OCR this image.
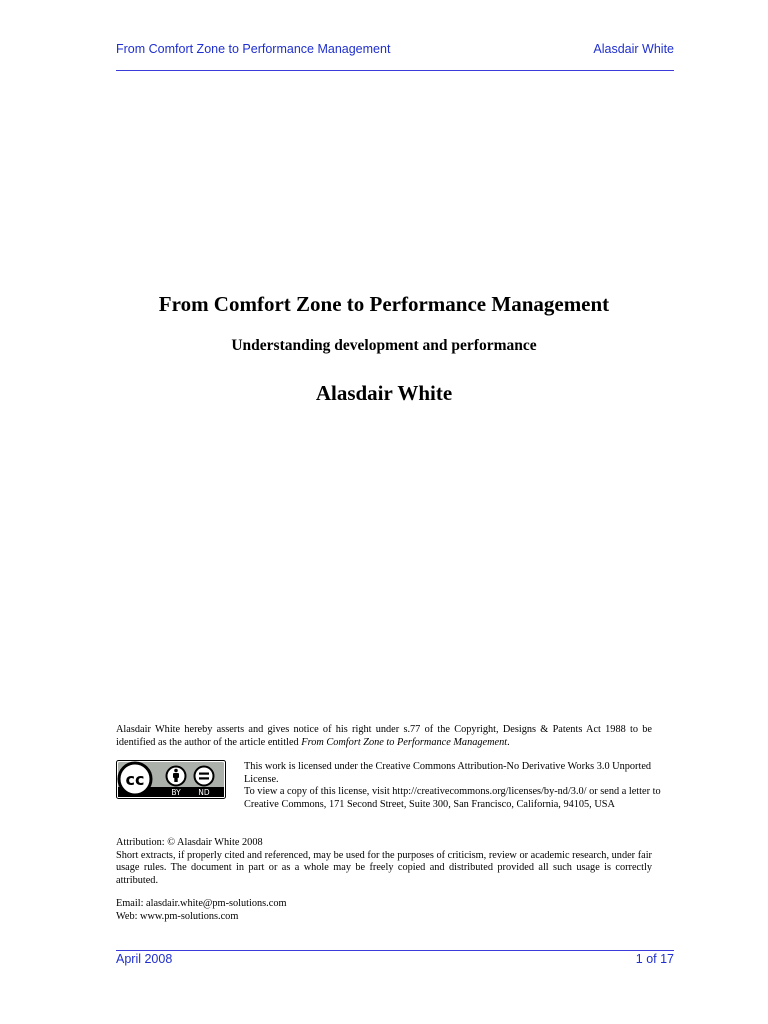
From Comfort Zone to Performance Management	Alasdair White
From Comfort Zone to Performance Management
Understanding development and performance
Alasdair White
Alasdair White hereby asserts and gives notice of his right under s.77 of the Copyright, Designs & Patents Act 1988 to be identified as the author of the article entitled From Comfort Zone to Performance Management.
cc
BY ND
This work is licensed under the Creative Commons Attribution-No Derivative Works 3.0 Unported License.
To view a copy of this license, visit http://creativecommons.org/licenses/by-nd/3.0/ or send a letter to Creative Commons, 171 Second Street, Suite 300, San Francisco, California, 94105, USA
Attribution: © Alasdair White 2008
Short extracts, if properly cited and referenced, may be used for the purposes of criticism, review or academic research, under fair usage rules. The document in part or as a whole may be freely copied and distributed provided all such usage is correctly attributed.
Email: alasdair.white@pm-solutions.com
Web: www.pm-solutions.com
April 2008	1 of 17
